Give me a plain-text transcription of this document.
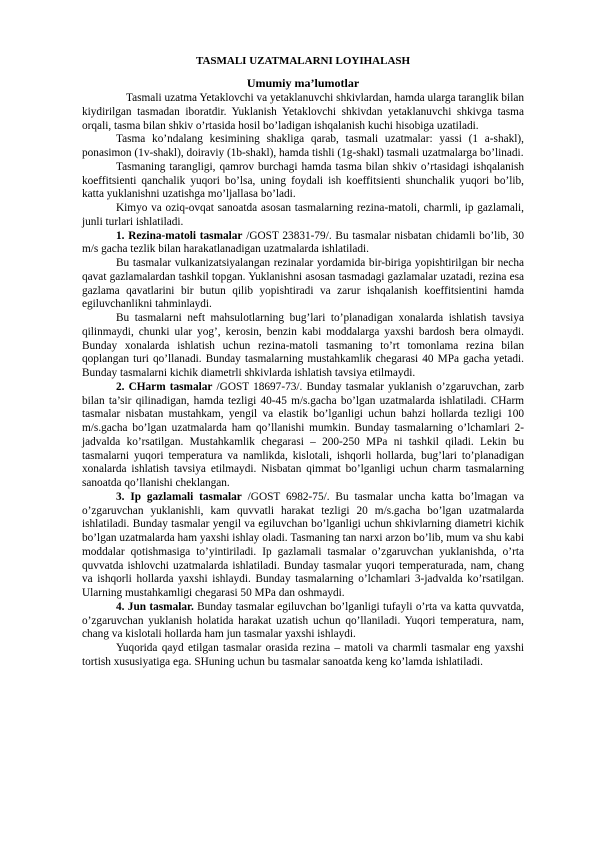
TASMALI UZATMALARNI LOYIHALASH
Umumiy ma’lumotlar

Tasmali uzatma Yetaklovchi va yetaklanuvchi shkivlardan, hamda ularga taranglik bilan kiydirilgan tasmadan iboratdir. Yuklanish Yetaklovchi shkivdan yetaklanuvchi shkivga tasma orqali, tasma bilan shkiv o’rtasida hosil bo’ladigan ishqalanish kuchi hisobiga uzatiladi.

Tasma ko’ndalang kesimining shakliga qarab, tasmali uzatmalar: yassi (1 a-shakl), ponasimon (1v-shakl), doiraviy (1b-shakl), hamda tishli (1g-shakl) tasmali uzatmalarga bo’linadi.

Tasmaning tarangligi, qamrov burchagi hamda tasma bilan shkiv o’rtasidagi ishqalanish koeffitsienti qanchalik yuqori bo’lsa, uning foydali ish koeffitsienti shunchalik yuqori bo’lib, katta yuklanishni uzatishga mo’ljallasa bo’ladi.

Kimyo va oziq-ovqat sanoatda asosan tasmalarning rezina-matoli, charmli, ip gazlamali, junli turlari ishlatiladi.

1. Rezina-matoli tasmalar /GOST 23831-79/. Bu tasmalar nisbatan chidamli bo’lib, 30 m/s gacha tezlik bilan harakatlanadigan uzatmalarda ishlatiladi.

Bu tasmalar vulkanizatsiyalangan rezinalar yordamida bir-biriga yopishtirilgan bir necha qavat gazlamalardan tashkil topgan. Yuklanishni asosan tasmadagi gazlamalar uzatadi, rezina esa gazlama qavatlarini bir butun qilib yopishtiradi va zarur ishqalanish koeffitsientini hamda egiluvchanlikni tahminlaydi.

Bu tasmalarni neft mahsulotlarning bug’lari to’planadigan xonalarda ishlatish tavsiya qilinmaydi, chunki ular yog’, kerosin, benzin kabi moddalarga yaxshi bardosh bera olmaydi. Bunday xonalarda ishlatish uchun rezina-matoli tasmaning to’rt tomonlama rezina bilan qoplangan turi qo’llanadi. Bunday tasmalarning mustahkamlik chegarasi 40 MPa gacha yetadi. Bunday tasmalarni kichik diametrli shkivlarda ishlatish tavsiya etilmaydi.

2. CHarm tasmalar /GOST 18697-73/. Bunday tasmalar yuklanish o’zgaruvchan, zarb bilan ta’sir qilinadigan, hamda tezligi 40-45 m/s.gacha bo’lgan uzatmalarda ishlatiladi. CHarm tasmalar nisbatan mustahkam, yengil va elastik bo’lganligi uchun bahzi hollarda tezligi 100 m/s.gacha bo’lgan uzatmalarda ham qo’llanishi mumkin. Bunday tasmalarning o’lchamlari 2-jadvalda ko’rsatilgan. Mustahkamlik chegarasi – 200-250 MPa ni tashkil qiladi. Lekin bu tasmalarni yuqori temperatura va namlikda, kislotali, ishqorli hollarda, bug’lari to’planadigan xonalarda ishlatish tavsiya etilmaydi. Nisbatan qimmat bo’lganligi uchun charm tasmalarning sanoatda qo’llanishi cheklangan.

3. Ip gazlamali tasmalar /GOST 6982-75/. Bu tasmalar uncha katta bo’lmagan va o’zgaruvchan yuklanishli, kam quvvatli harakat tezligi 20 m/s.gacha bo’lgan uzatmalarda ishlatiladi. Bunday tasmalar yengil va egiluvchan bo’lganligi uchun shkivlarning diametri kichik bo’lgan uzatmalarda ham yaxshi ishlay oladi. Tasmaning tan narxi arzon bo’lib, mum va shu kabi moddalar qotishmasiga to’yintiriladi. Ip gazlamali tasmalar o’zgaruvchan yuklanishda, o’rta quvvatda ishlovchi uzatmalarda ishlatiladi. Bunday tasmalar yuqori temperaturada, nam, chang va ishqorli hollarda yaxshi ishlaydi. Bunday tasmalarning o’lchamlari 3-jadvalda ko’rsatilgan. Ularning mustahkamligi chegarasi 50 MPa dan oshmaydi.

4. Jun tasmalar. Bunday tasmalar egiluvchan bo’lganligi tufayli o’rta va katta quvvatda, o’zgaruvchan yuklanish holatida harakat uzatish uchun qo’llaniladi. Yuqori temperatura, nam, chang va kislotali hollarda ham jun tasmalar yaxshi ishlaydi.

Yuqorida qayd etilgan tasmalar orasida rezina – matoli va charmli tasmalar eng yaxshi tortish xususiyatiga ega. SHuning uchun bu tasmalar sanoatda keng ko’lamda ishlatiladi.
